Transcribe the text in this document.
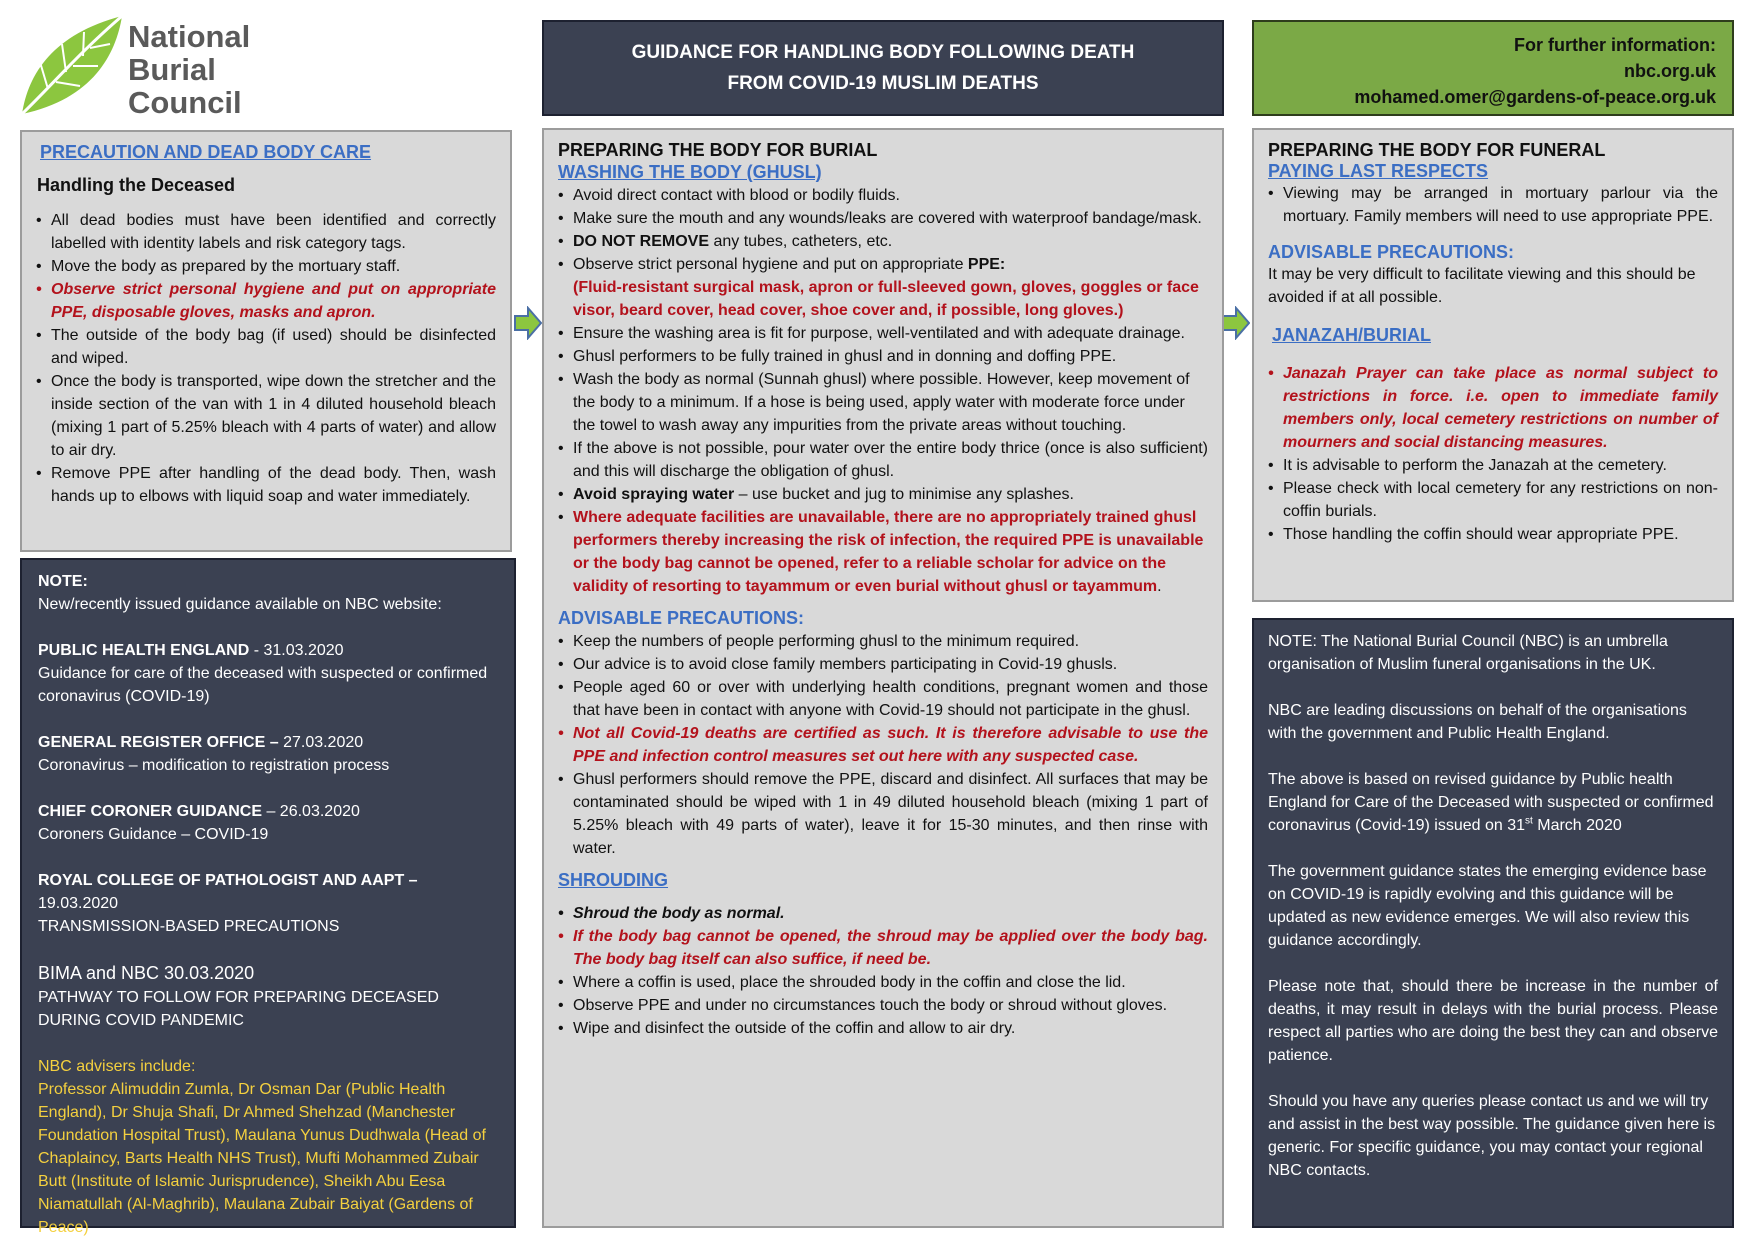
National
Burial
Council
GUIDANCE FOR HANDLING BODY FOLLOWING DEATH
FROM COVID-19 MUSLIM DEATHS
For further information:
nbc.org.uk
mohamed.omer@gardens-of-peace.org.uk
PRECAUTION AND DEAD BODY CARE
Handling the Deceased
• All dead bodies must have been identified and correctly labelled with identity labels and risk category tags.
• Move the body as prepared by the mortuary staff.
• Observe strict personal hygiene and put on appropriate PPE, disposable gloves, masks and apron.
• The outside of the body bag (if used) should be disinfected and wiped.
• Once the body is transported, wipe down the stretcher and the inside section of the van with 1 in 4 diluted household bleach (mixing 1 part of 5.25% bleach with 4 parts of water) and allow to air dry.
• Remove PPE after handling of the dead body. Then, wash hands up to elbows with liquid soap and water immediately.
NOTE:
New/recently issued guidance available on NBC website:
PUBLIC HEALTH ENGLAND - 31.03.2020
Guidance for care of the deceased with suspected or confirmed coronavirus (COVID-19)
GENERAL REGISTER OFFICE – 27.03.2020
Coronavirus – modification to registration process
CHIEF CORONER GUIDANCE – 26.03.2020
Coroners Guidance – COVID-19
ROYAL COLLEGE OF PATHOLOGIST AND AAPT – 19.03.2020
TRANSMISSION-BASED PRECAUTIONS
BIMA and NBC 30.03.2020
PATHWAY TO FOLLOW FOR PREPARING DECEASED DURING COVID PANDEMIC
NBC advisers include:
Professor Alimuddin Zumla, Dr Osman Dar (Public Health England), Dr Shuja Shafi, Dr Ahmed Shehzad (Manchester Foundation Hospital Trust), Maulana Yunus Dudhwala (Head of Chaplaincy, Barts Health NHS Trust), Mufti Mohammed Zubair Butt (Institute of Islamic Jurisprudence), Sheikh Abu Eesa Niamatullah (Al-Maghrib), Maulana Zubair Baiyat (Gardens of Peace)
PREPARING THE BODY FOR BURIAL
WASHING THE BODY (GHUSL)
• Avoid direct contact with blood or bodily fluids.
• Make sure the mouth and any wounds/leaks are covered with waterproof bandage/mask.
• DO NOT REMOVE any tubes, catheters, etc.
• Observe strict personal hygiene and put on appropriate PPE:
(Fluid-resistant surgical mask, apron or full-sleeved gown, gloves, goggles or face visor, beard cover, head cover, shoe cover and, if possible, long gloves.)
• Ensure the washing area is fit for purpose, well-ventilated and with adequate drainage.
• Ghusl performers to be fully trained in ghusl and in donning and doffing PPE.
• Wash the body as normal (Sunnah ghusl) where possible. However, keep movement of the body to a minimum. If a hose is being used, apply water with moderate force under the towel to wash away any impurities from the private areas without touching.
• If the above is not possible, pour water over the entire body thrice (once is also sufficient) and this will discharge the obligation of ghusl.
• Avoid spraying water – use bucket and jug to minimise any splashes.
• Where adequate facilities are unavailable, there are no appropriately trained ghusl performers thereby increasing the risk of infection, the required PPE is unavailable or the body bag cannot be opened, refer to a reliable scholar for advice on the validity of resorting to tayammum or even burial without ghusl or tayammum.
ADVISABLE PRECAUTIONS:
• Keep the numbers of people performing ghusl to the minimum required.
• Our advice is to avoid close family members participating in Covid-19 ghusls.
• People aged 60 or over with underlying health conditions, pregnant women and those that have been in contact with anyone with Covid-19 should not participate in the ghusl.
• Not all Covid-19 deaths are certified as such. It is therefore advisable to use the PPE and infection control measures set out here with any suspected case.
• Ghusl performers should remove the PPE, discard and disinfect. All surfaces that may be contaminated should be wiped with 1 in 49 diluted household bleach (mixing 1 part of 5.25% bleach with 49 parts of water), leave it for 15-30 minutes, and then rinse with water.
SHROUDING
• Shroud the body as normal.
• If the body bag cannot be opened, the shroud may be applied over the body bag. The body bag itself can also suffice, if need be.
• Where a coffin is used, place the shrouded body in the coffin and close the lid.
• Observe PPE and under no circumstances touch the body or shroud without gloves.
• Wipe and disinfect the outside of the coffin and allow to air dry.
PREPARING THE BODY FOR FUNERAL
PAYING LAST RESPECTS
• Viewing may be arranged in mortuary parlour via the mortuary. Family members will need to use appropriate PPE.
ADVISABLE PRECAUTIONS:

It may be very difficult to facilitate viewing and this should be avoided if at all possible.

JANAZAH/BURIAL
• Janazah Prayer can take place as normal subject to restrictions in force. i.e. open to immediate family members only, local cemetery restrictions on number of mourners and social distancing measures.
• It is advisable to perform the Janazah at the cemetery.
• Please check with local cemetery for any restrictions on non-coffin burials.
• Those handling the coffin should wear appropriate PPE.

NOTE: The National Burial Council (NBC) is an umbrella organisation of Muslim funeral organisations in the UK.

NBC are leading discussions on behalf of the organisations with the government and Public Health England.

The above is based on revised guidance by Public health England for Care of the Deceased with suspected or confirmed coronavirus (Covid-19) issued on 31st March 2020

The government guidance states the emerging evidence base on COVID-19 is rapidly evolving and this guidance will be updated as new evidence emerges. We will also review this guidance accordingly.

Please note that, should there be increase in the number of deaths, it may result in delays with the burial process. Please respect all parties who are doing the best they can and observe patience.

Should you have any queries please contact us and we will try and assist in the best way possible. The guidance given here is generic. For specific guidance, you may contact your regional NBC contacts.
